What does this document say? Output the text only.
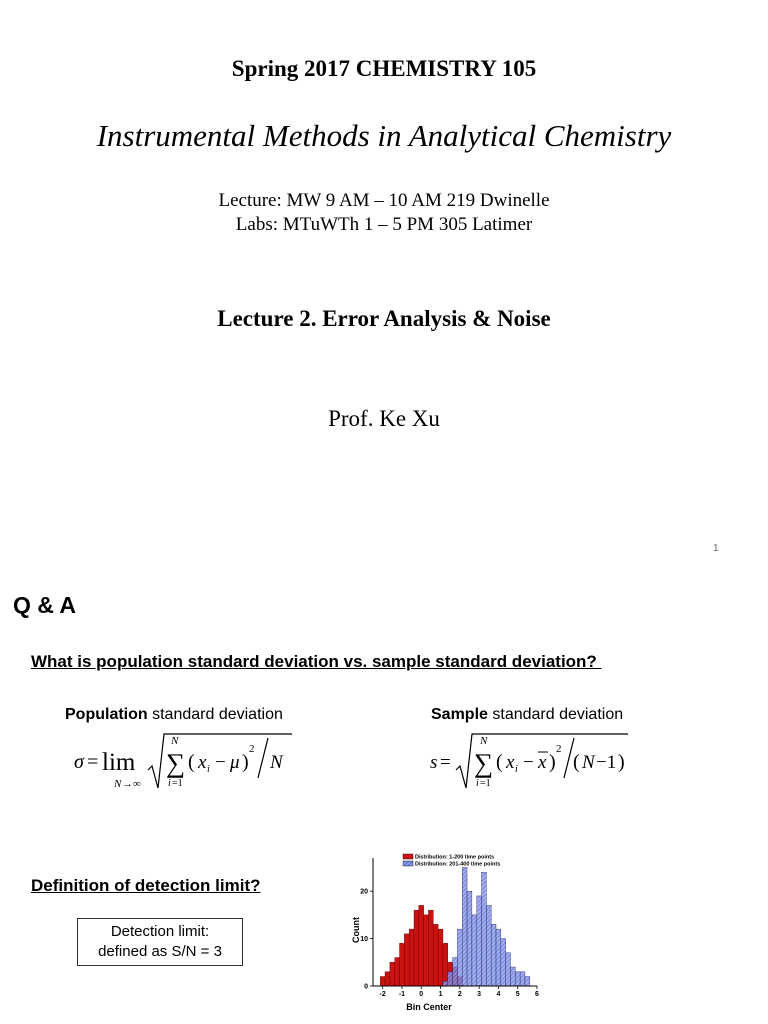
Spring 2017 CHEMISTRY 105
Instrumental Methods in Analytical Chemistry
Lecture: MW 9 AM – 10 AM 219 Dwinelle
Labs: MTuWTh 1 – 5 PM 305 Latimer
Lecture 2. Error Analysis & Noise
Prof. Ke Xu
1
Q & A
What is population standard deviation vs. sample standard deviation?
Population standard deviation	Sample standard deviation
σ = lim
N →∞
N
∑
i =1
( x i − μ )
2
N	s =
N
∑
i =1
( x i − x )
2
( N −1 )
Definition of detection limit?
Detection limit:
defined as S/N = 3
-2 -1 0 1 2 3 4 5 6
0
10
20
Distribution: 1-200 time points
Distribution: 201-400 time points
Bin Center
Count
